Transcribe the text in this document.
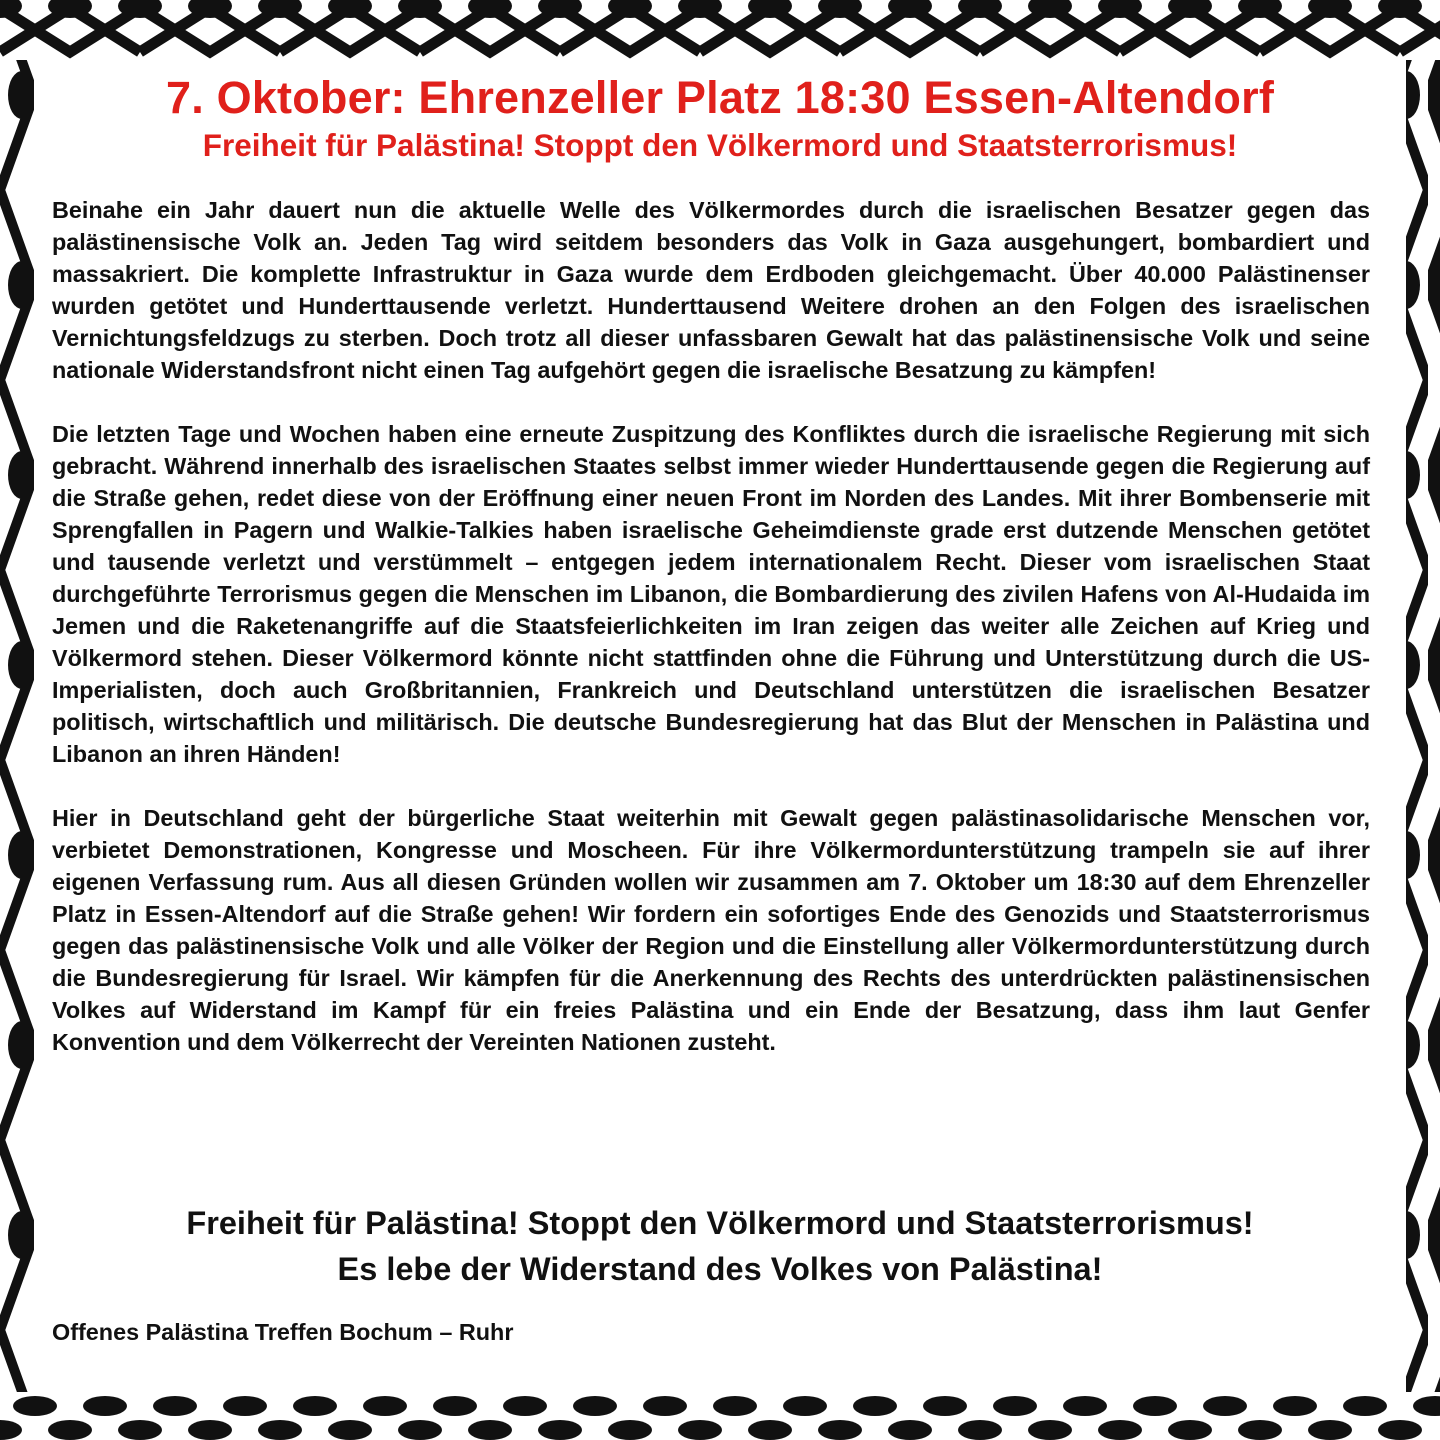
7. Oktober: Ehrenzeller Platz 18:30 Essen-Altendorf
Freiheit für Palästina! Stoppt den Völkermord und Staatsterrorismus!

Beinahe ein Jahr dauert nun die aktuelle Welle des Völkermordes durch die israelischen Besatzer gegen das palästinensische Volk an. Jeden Tag wird seitdem besonders das Volk in Gaza ausgehungert, bombardiert und massakriert. Die komplette Infrastruktur in Gaza wurde dem Erdboden gleichgemacht. Über 40.000 Palästinenser wurden getötet und Hunderttausende verletzt. Hunderttausend Weitere drohen an den Folgen des israelischen Vernichtungsfeldzugs zu sterben. Doch trotz all dieser unfassbaren Gewalt hat das palästinensische Volk und seine nationale Widerstandsfront nicht einen Tag aufgehört gegen die israelische Besatzung zu kämpfen!

Die letzten Tage und Wochen haben eine erneute Zuspitzung des Konfliktes durch die israelische Regierung mit sich gebracht. Während innerhalb des israelischen Staates selbst immer wieder Hunderttausende gegen die Regierung auf die Straße gehen, redet diese von der Eröffnung einer neuen Front im Norden des Landes. Mit ihrer Bombenserie mit Sprengfallen in Pagern und Walkie-Talkies haben israelische Geheimdienste grade erst dutzende Menschen getötet und tausende verletzt und verstümmelt – entgegen jedem internationalem Recht. Dieser vom israelischen Staat durchgeführte Terrorismus gegen die Menschen im Libanon, die Bombardierung des zivilen Hafens von Al-Hudaida im Jemen und die Raketenangriffe auf die Staatsfeierlichkeiten im Iran zeigen das weiter alle Zeichen auf Krieg und Völkermord stehen. Dieser Völkermord könnte nicht stattfinden ohne die Führung und Unterstützung durch die US-Imperialisten, doch auch Großbritannien, Frankreich und Deutschland unterstützen die israelischen Besatzer politisch, wirtschaftlich und militärisch. Die deutsche Bundesregierung hat das Blut der Menschen in Palästina und Libanon an ihren Händen!

Hier in Deutschland geht der bürgerliche Staat weiterhin mit Gewalt gegen palästinasolidarische Menschen vor, verbietet Demonstrationen, Kongresse und Moscheen. Für ihre Völkermordunterstützung trampeln sie auf ihrer eigenen Verfassung rum. Aus all diesen Gründen wollen wir zusammen am 7. Oktober um 18:30 auf dem Ehrenzeller Platz in Essen-Altendorf auf die Straße gehen! Wir fordern ein sofortiges Ende des Genozids und Staatsterrorismus gegen das palästinensische Volk und alle Völker der Region und die Einstellung aller Völkermordunterstützung durch die Bundesregierung für Israel. Wir kämpfen für die Anerkennung des Rechts des unterdrückten palästinensischen Volkes auf Widerstand im Kampf für ein freies Palästina und ein Ende der Besatzung, dass ihm laut Genfer Konvention und dem Völkerrecht der Vereinten Nationen zusteht.

Freiheit für Palästina! Stoppt den Völkermord und Staatsterrorismus!
Es lebe der Widerstand des Volkes von Palästina!
Offenes Palästina Treffen Bochum – Ruhr
